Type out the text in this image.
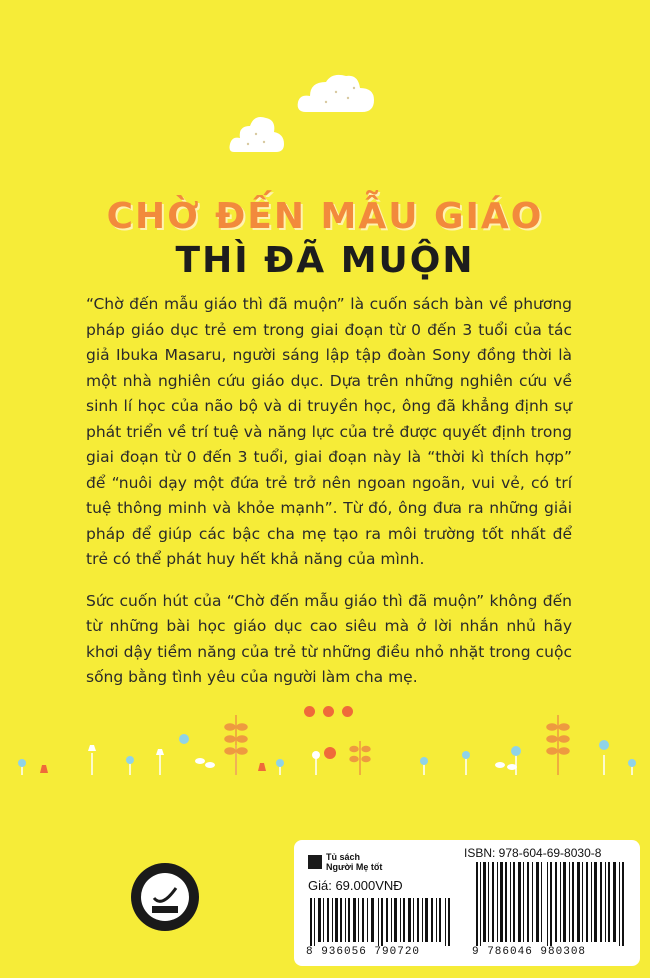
CHỜ ĐẾN MẪU GIÁO
THÌ ĐÃ MUỘN

“Chờ đến mẫu giáo thì đã muộn” là cuốn sách bàn về phương pháp giáo dục trẻ em trong giai đoạn từ 0 đến 3 tuổi của tác giả Ibuka Masaru, người sáng lập tập đoàn Sony đồng thời là một nhà nghiên cứu giáo dục. Dựa trên những nghiên cứu về sinh lí học của não bộ và di truyền học, ông đã khẳng định sự phát triển về trí tuệ và năng lực của trẻ được quyết định trong giai đoạn từ 0 đến 3 tuổi, giai đoạn này là “thời kì thích hợp” để “nuôi dạy một đứa trẻ trở nên ngoan ngoãn, vui vẻ, có trí tuệ thông minh và khỏe mạnh”. Từ đó, ông đưa ra những giải pháp để giúp các bậc cha mẹ tạo ra môi trường tốt nhất để trẻ có thể phát huy hết khả năng của mình.

Sức cuốn hút của “Chờ đến mẫu giáo thì đã muộn” không đến từ những bài học giáo dục cao siêu mà ở lời nhắn nhủ hãy khơi dậy tiềm năng của trẻ từ những điều nhỏ nhặt trong cuộc sống bằng tình yêu của người làm cha mẹ.

Tủ sách
Người Mẹ tốt
ISBN: 978-604-69-8030-8
Giá: 69.000VNĐ
8 936056 790720	9 786046 980308
